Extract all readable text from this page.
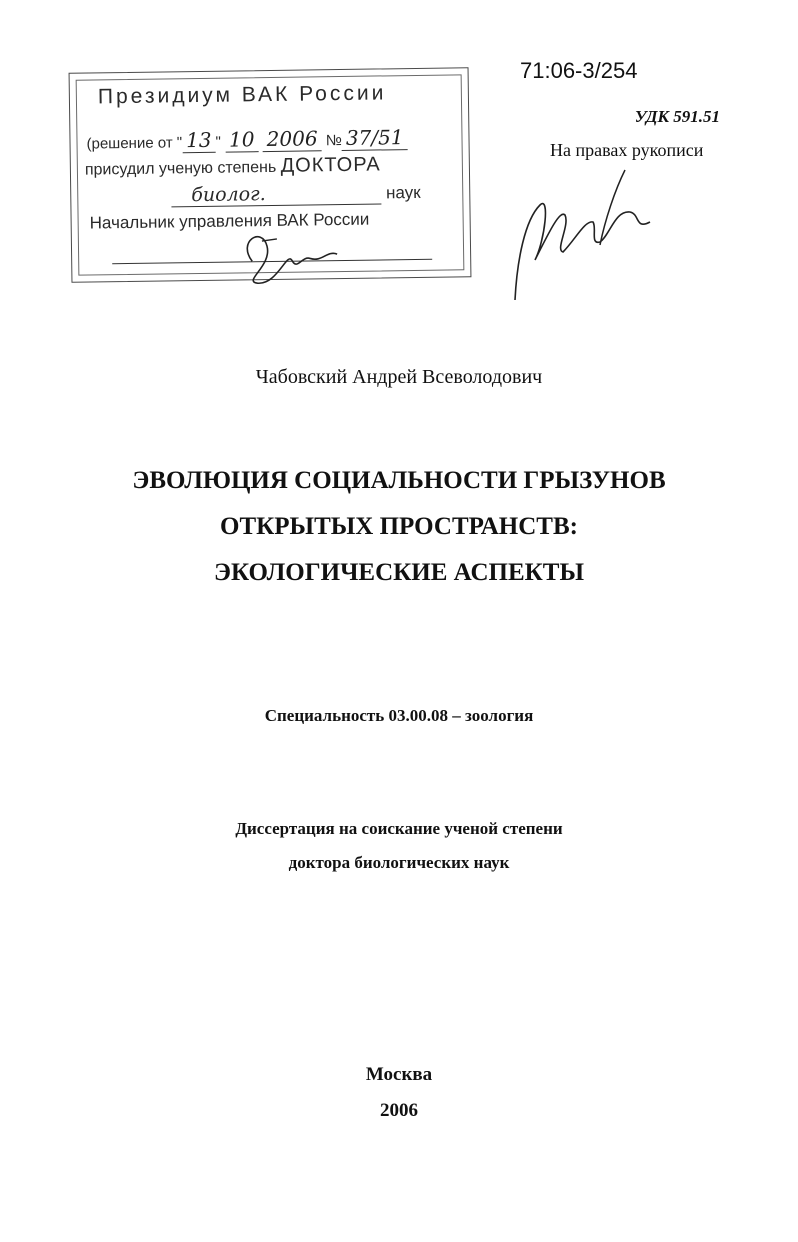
Президиум ВАК России
(решение от " 13 " 10 2006 № 37/51
присудил ученую степень ДОКТОРА
биолог.	наук
Начальник управления ВАК России
71:06-3/254
УДК 591.51
На правах рукописи
Чабовский Андрей Всеволодович
ЭВОЛЮЦИЯ СОЦИАЛЬНОСТИ ГРЫЗУНОВ
ОТКРЫТЫХ ПРОСТРАНСТВ:
ЭКОЛОГИЧЕСКИЕ АСПЕКТЫ
Специальность 03.00.08 – зоология
Диссертация на соискание ученой степени
доктора биологических наук
Москва
2006
